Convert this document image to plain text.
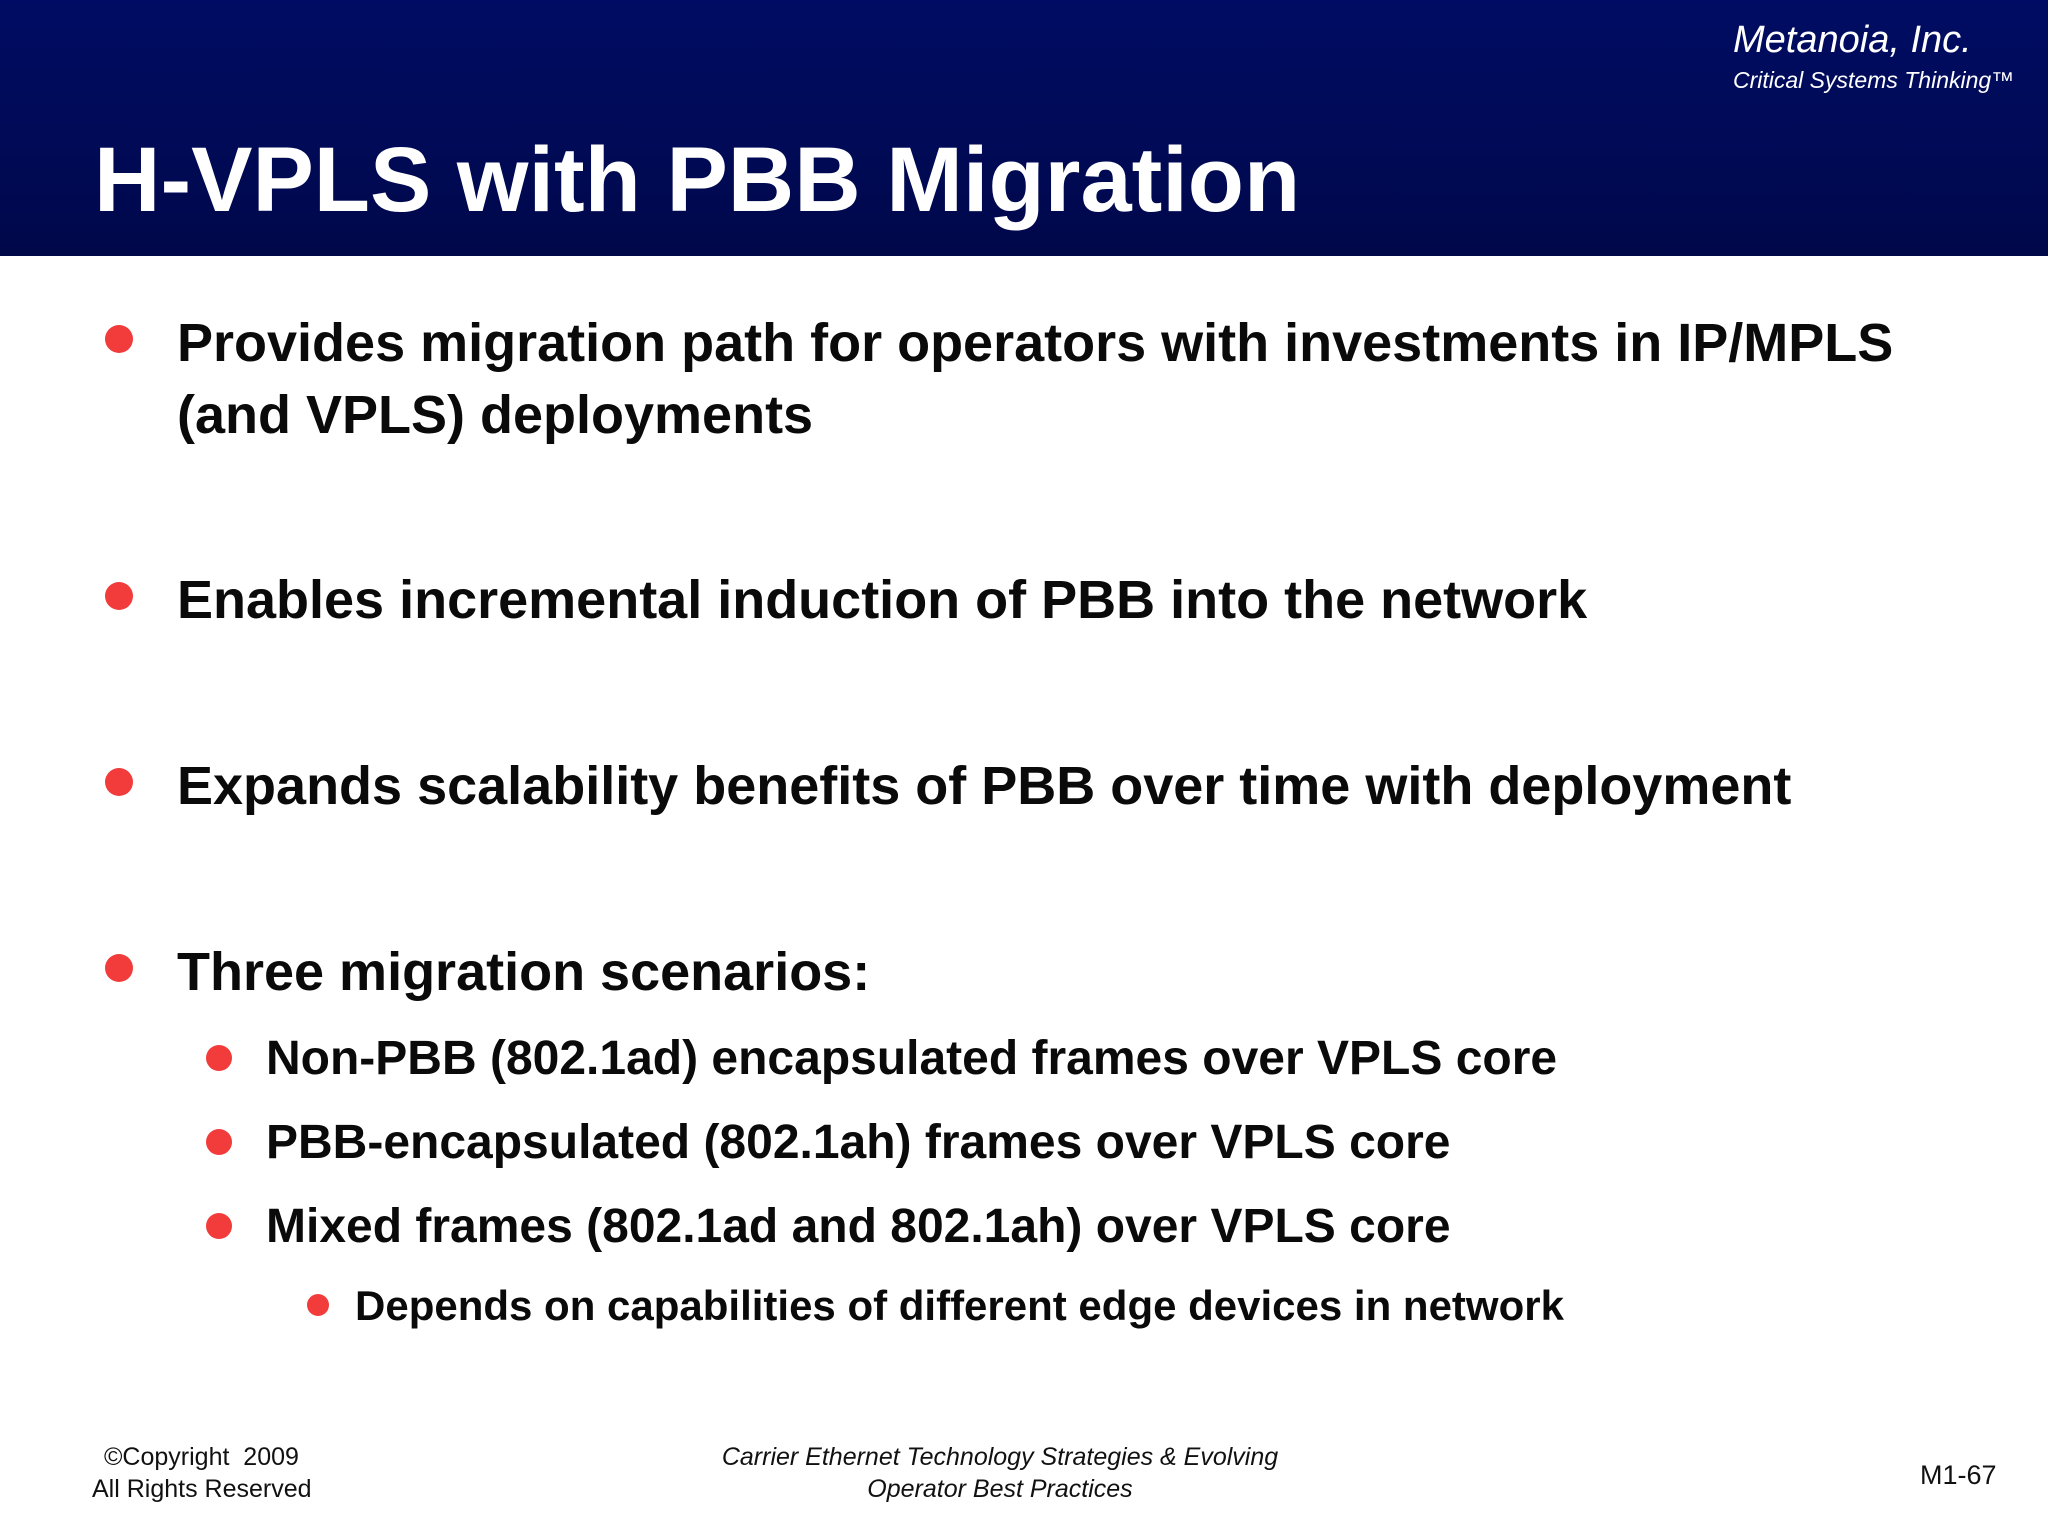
Metanoia, Inc.
Critical Systems Thinking™
H-VPLS with PBB Migration
Provides migration path for operators with investments in IP/MPLS
(and VPLS) deployments
Enables incremental induction of PBB into the network
Expands scalability benefits of PBB over time with deployment
Three migration scenarios:
Non-PBB (802.1ad) encapsulated frames over VPLS core
PBB-encapsulated (802.1ah) frames over VPLS core
Mixed frames (802.1ad and 802.1ah) over VPLS core
Depends on capabilities of different edge devices in network
©Copyright  2009
All Rights Reserved
Carrier Ethernet Technology Strategies & Evolving
Operator Best Practices	M1-67
